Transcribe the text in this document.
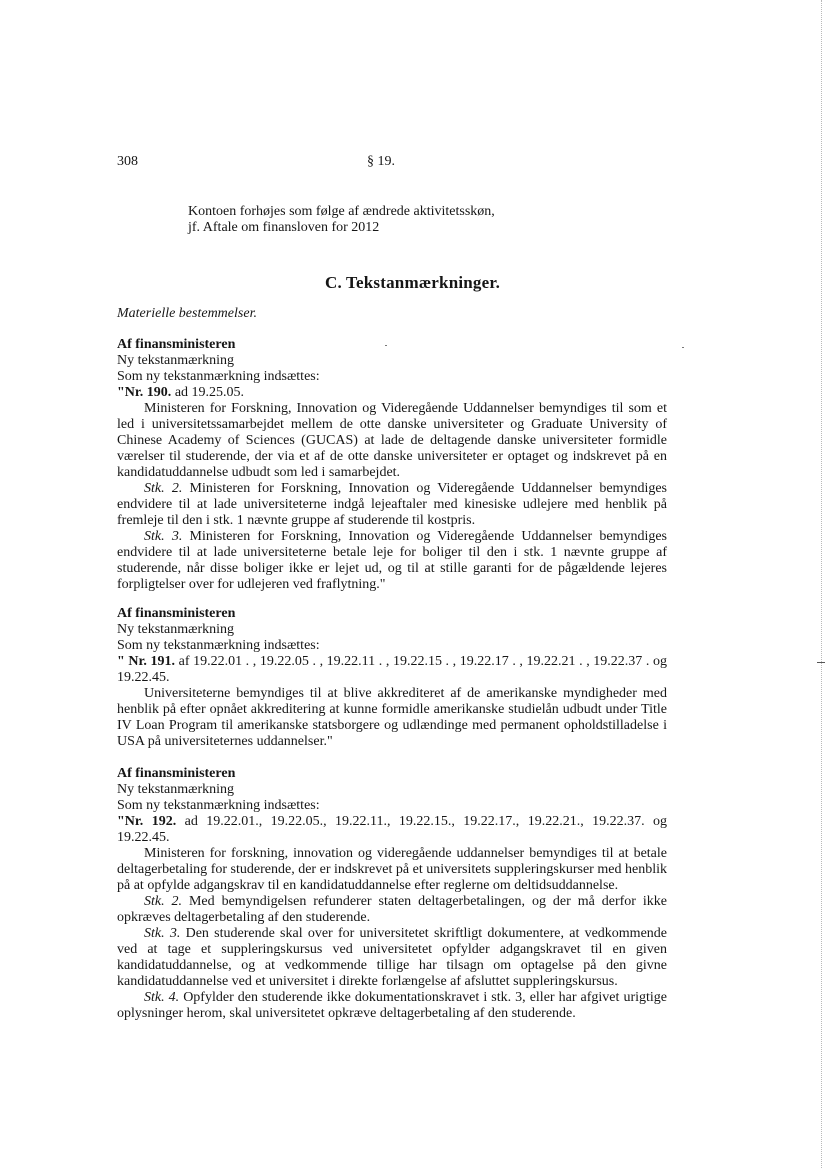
308	§ 19.
Kontoen forhøjes som følge af ændrede aktivitetsskøn,
jf. Aftale om finansloven for 2012
C. Tekstanmærkninger.
Materielle bestemmelser.
Af finansministeren
Ny tekstanmærkning
Som ny tekstanmærkning indsættes:

"Nr. 190. ad 19.25.05.

Ministeren for Forskning, Innovation og Videregående Uddannelser bemyndiges til som et led i universitetssamarbejdet mellem de otte danske universiteter og Graduate University of Chinese Academy of Sciences (GUCAS) at lade de deltagende danske universiteter formidle værelser til studerende, der via et af de otte danske universiteter er optaget og indskrevet på en kandidatuddannelse udbudt som led i samarbejdet.

Stk. 2. Ministeren for Forskning, Innovation og Videregående Uddannelser bemyndiges endvidere til at lade universiteterne indgå lejeaftaler med kinesiske udlejere med henblik på fremleje til den i stk. 1 nævnte gruppe af studerende til kostpris.

Stk. 3. Ministeren for Forskning, Innovation og Videregående Uddannelser bemyndiges endvidere til at lade universiteterne betale leje for boliger til den i stk. 1 nævnte gruppe af studerende, når disse boliger ikke er lejet ud, og til at stille garanti for de pågældende lejeres forpligtelser over for udlejeren ved fraflytning."

Af finansministeren
Ny tekstanmærkning
Som ny tekstanmærkning indsættes:

" Nr. 191. af 19.22.01 . , 19.22.05 . , 19.22.11 . , 19.22.15 . , 19.22.17 . , 19.22.21 . , 19.22.37 . og 19.22.45.

Universiteterne bemyndiges til at blive akkrediteret af de amerikanske myndigheder med henblik på efter opnået akkreditering at kunne formidle amerikanske studielån udbudt under Title IV Loan Program til amerikanske statsborgere og udlændinge med permanent opholdstilladelse i USA på universiteternes uddannelser."

Af finansministeren
Ny tekstanmærkning
Som ny tekstanmærkning indsættes:

"Nr. 192. ad 19.22.01., 19.22.05., 19.22.11., 19.22.15., 19.22.17., 19.22.21., 19.22.37. og 19.22.45.

Ministeren for forskning, innovation og videregående uddannelser bemyndiges til at betale deltagerbetaling for studerende, der er indskrevet på et universitets suppleringskurser med henblik på at opfylde adgangskrav til en kandidatuddannelse efter reglerne om deltidsuddannelse.

Stk. 2. Med bemyndigelsen refunderer staten deltagerbetalingen, og der må derfor ikke opkræves deltagerbetaling af den studerende.

Stk. 3. Den studerende skal over for universitetet skriftligt dokumentere, at vedkommende ved at tage et suppleringskursus ved universitetet opfylder adgangskravet til en given kandidatuddannelse, og at vedkommende tillige har tilsagn om optagelse på den givne kandidatuddannelse ved et universitet i direkte forlængelse af afsluttet suppleringskursus.

Stk. 4. Opfylder den studerende ikke dokumentationskravet i stk. 3, eller har afgivet urigtige oplysninger herom, skal universitetet opkræve deltagerbetaling af den studerende.
